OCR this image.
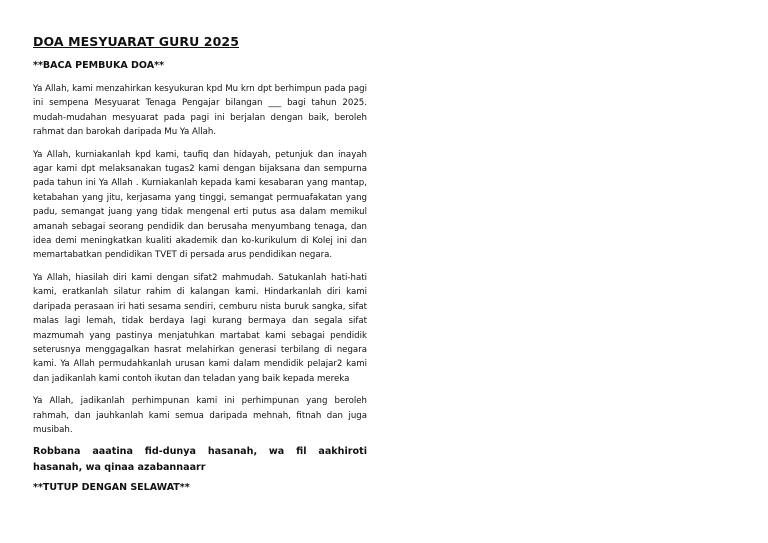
DOA MESYUARAT GURU 2025
**BACA PEMBUKA DOA**

Ya Allah, kami menzahirkan kesyukuran kpd Mu krn dpt berhimpun pada pagi ini sempena Mesyuarat Tenaga Pengajar bilangan ___ bagi tahun 2025. mudah-mudahan mesyuarat pada pagi ini berjalan dengan baik, beroleh rahmat dan barokah daripada Mu Ya Allah.

Ya Allah, kurniakanlah kpd kami, taufiq dan hidayah, petunjuk dan inayah agar kami dpt melaksanakan tugas2 kami dengan bijaksana dan sempurna pada tahun ini Ya Allah . Kurniakanlah kepada kami kesabaran yang mantap, ketabahan yang jitu, kerjasama yang tinggi, semangat permuafakatan yang padu, semangat juang yang tidak mengenal erti putus asa dalam memikul amanah sebagai seorang pendidik dan berusaha menyumbang tenaga, dan idea demi meningkatkan kualiti akademik dan ko-kurikulum di Kolej ini dan memartabatkan pendidikan TVET di persada arus pendidikan negara.

Ya Allah, hiasilah diri kami dengan sifat2 mahmudah. Satukanlah hati-hati kami, eratkanlah silatur rahim di kalangan kami. Hindarkanlah diri kami daripada perasaan iri hati sesama sendiri, cemburu nista buruk sangka, sifat malas lagi lemah, tidak berdaya lagi kurang bermaya dan segala sifat mazmumah yang pastinya menjatuhkan martabat kami sebagai pendidik seterusnya menggagalkan hasrat melahirkan generasi terbilang di negara kami. Ya Allah permudahkanlah urusan kami dalam mendidik pelajar2 kami dan jadikanlah kami contoh ikutan dan teladan yang baik kepada mereka

Ya Allah, jadikanlah perhimpunan kami ini perhimpunan yang beroleh rahmah, dan jauhkanlah kami semua daripada mehnah, fitnah dan juga musibah.

Robbana aaatina fid-dunya hasanah, wa fil aakhiroti hasanah, wa qinaa azabannaarr

**TUTUP DENGAN SELAWAT**
